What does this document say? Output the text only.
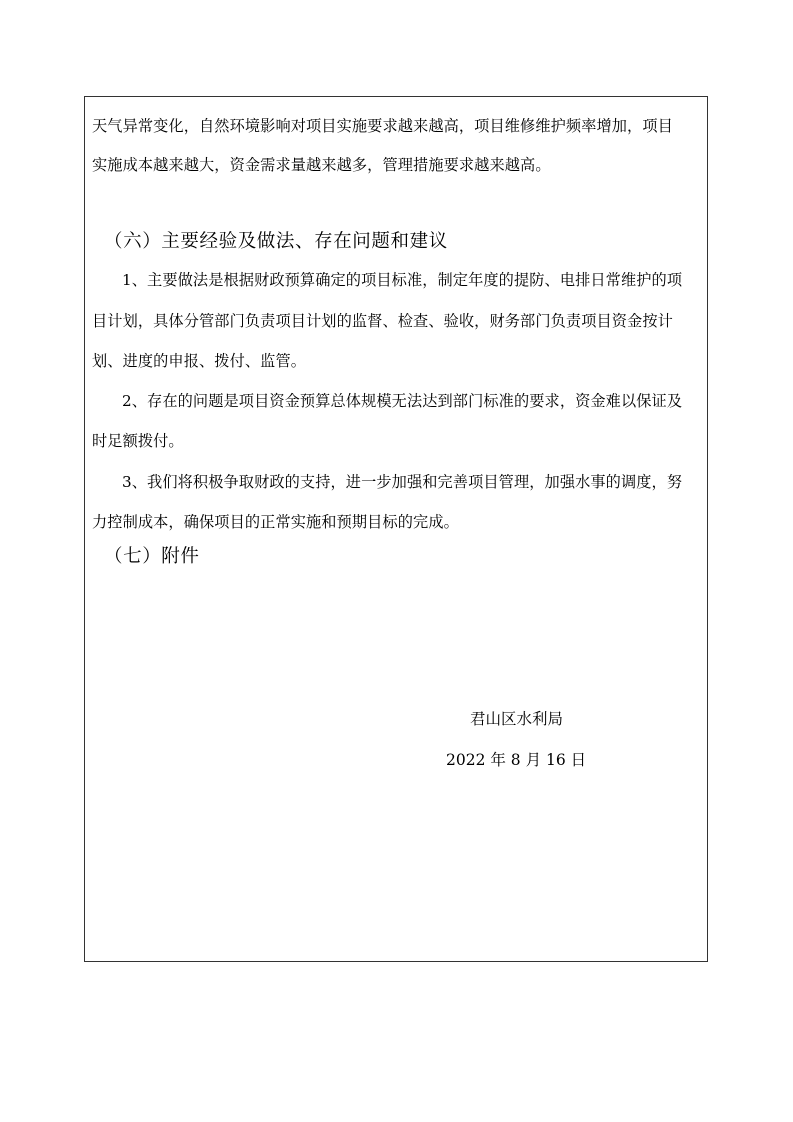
天气异常变化，自然环境影响对项目实施要求越来越高，项目维修维护频率增加，项目
实施成本越来越大，资金需求量越来越多，管理措施要求越来越高。
（六）主要经验及做法、存在问题和建议
1、主要做法是根据财政预算确定的项目标准，制定年度的提防、电排日常维护的项
目计划，具体分管部门负责项目计划的监督、检查、验收，财务部门负责项目资金按计
划、进度的申报、拨付、监管。
2、存在的问题是项目资金预算总体规模无法达到部门标准的要求，资金难以保证及
时足额拨付。
3、我们将积极争取财政的支持，进一步加强和完善项目管理，加强水事的调度，努
力控制成本，确保项目的正常实施和预期目标的完成。
（七）附件
君山区水利局
2022 年 8 月 16 日
